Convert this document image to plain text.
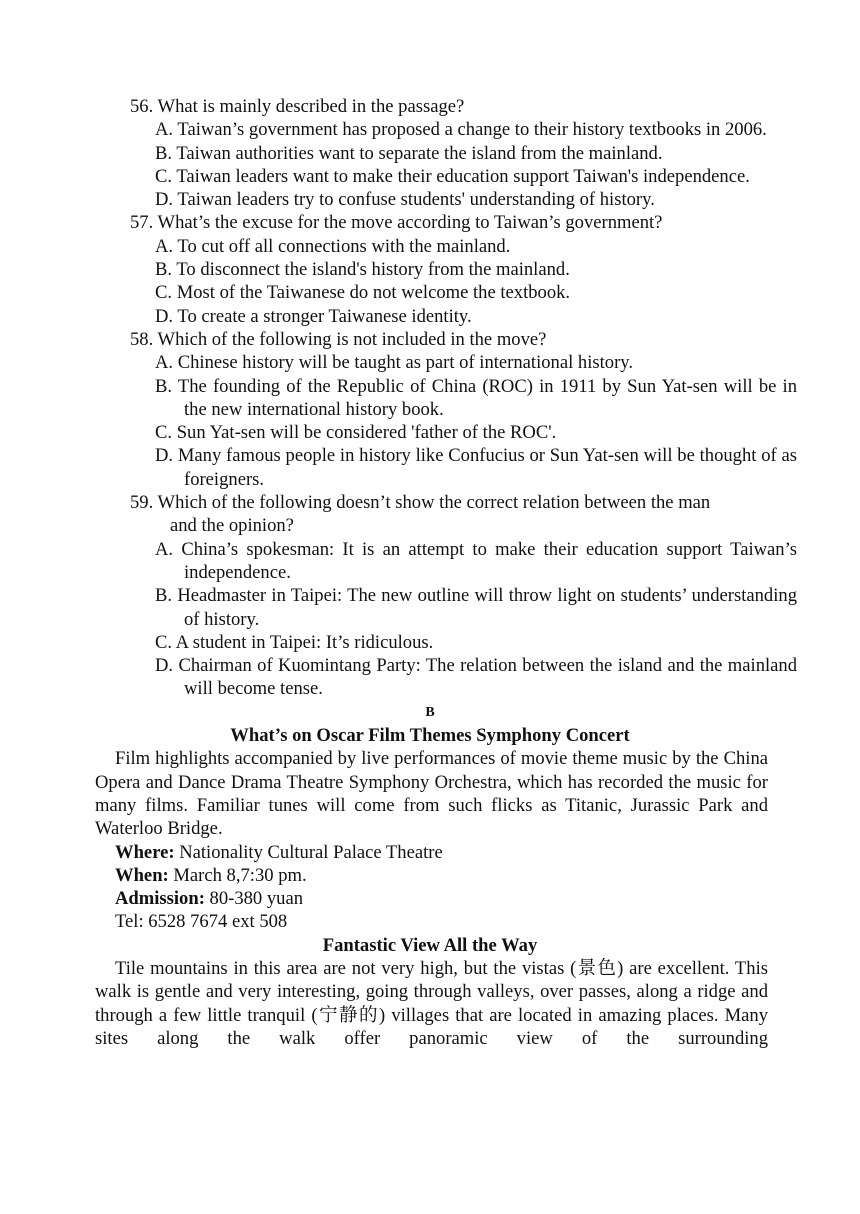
56. What is mainly described in the passage?
A. Taiwan’s government has proposed a change to their history textbooks in 2006.
B. Taiwan authorities want to separate the island from the mainland.
C. Taiwan leaders want to make their education support Taiwan's independence.
D. Taiwan leaders try to confuse students' understanding of history.
57. What’s the excuse for the move according to Taiwan’s government?
A. To cut off all connections with the mainland.
B. To disconnect the island's history from the mainland.
C. Most of the Taiwanese do not welcome the textbook.
D. To create a stronger Taiwanese identity.
58. Which of the following is not included in the move?
A. Chinese history will be taught as part of international history.
B. The founding of the Republic of China (ROC) in 1911 by Sun Yat-sen will be in the new international history book.
C. Sun Yat-sen will be considered 'father of the ROC'.
D. Many famous people in history like Confucius or Sun Yat-sen will be thought of as foreigners.
59. Which of the following doesn’t show the correct relation between the man
and the opinion?
A. China’s spokesman: It is an attempt to make their education support Taiwan’s independence.
B. Headmaster in Taipei: The new outline will throw light on students’ understanding of history.
C. A student in Taipei: It’s ridiculous.
D. Chairman of Kuomintang Party: The relation between the island and the mainland will become tense.
B
What’s on Oscar Film Themes Symphony Concert
Film highlights accompanied by live performances of movie theme music by the China Opera and Dance Drama Theatre Symphony Orchestra, which has recorded the music for many films. Familiar tunes will come from such flicks as Titanic, Jurassic Park and Waterloo Bridge.
Where: Nationality Cultural Palace Theatre
When: March 8,7:30 pm.
Admission: 80-380 yuan
Tel: 6528 7674 ext 508
Fantastic View All the Way
Tile mountains in this area are not very high, but the vistas (景色) are excellent. This walk is gentle and very interesting, going through valleys, over passes, along a ridge and through a few little tranquil (宁静的) villages that are located in amazing places. Many sites along the walk offer panoramic view of the surrounding
